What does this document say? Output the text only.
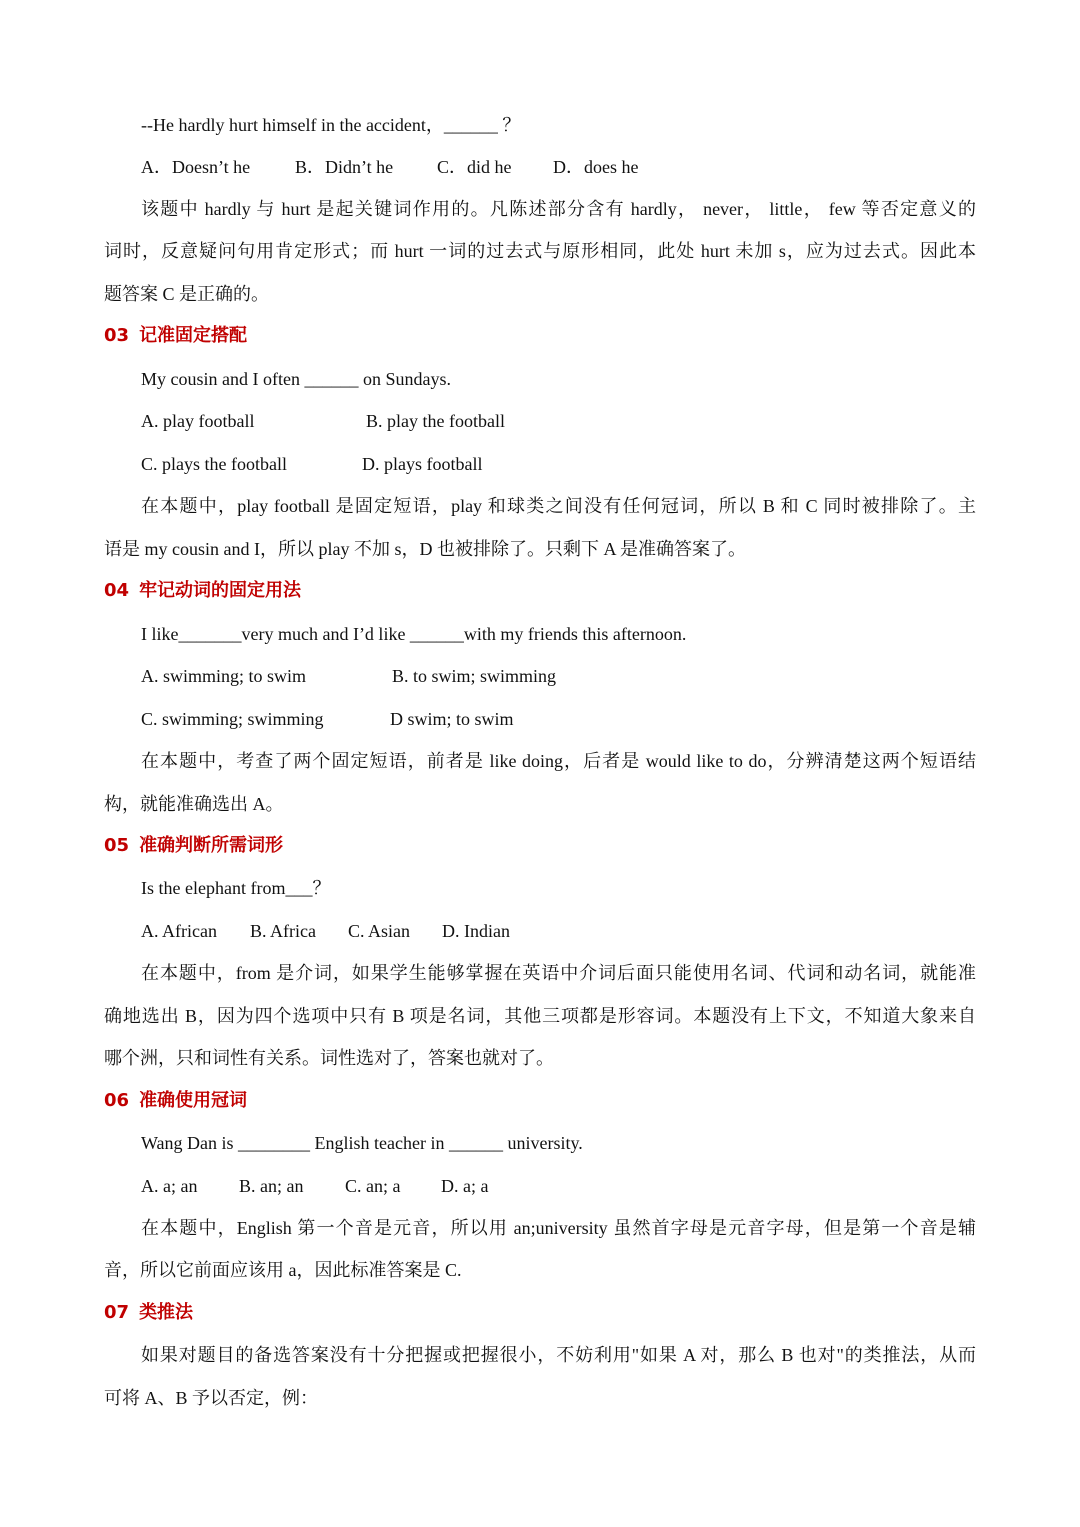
--He hardly hurt himself in the accident，______ ？
A．Doesn’t he B．Didn’t he C．did he D．does he
该题中 hardly 与 hurt 是起关键词作用的。凡陈述部分含有 hardly， never， little， few 等否定意义的
词时，反意疑问句用肯定形式；而 hurt 一词的过去式与原形相同，此处 hurt 未加 s，应为过去式。因此本
题答案 C 是正确的。
03 记准固定搭配
My cousin and I often ______ on Sundays.
A. play football	B. play the football
C. plays the football	D. plays football
在本题中，play football 是固定短语，play 和球类之间没有任何冠词，所以 B 和 C 同时被排除了。主
语是 my cousin and I，所以 play 不加 s，D 也被排除了。只剩下 A 是准确答案了。
04 牢记动词的固定用法
I like_______very much and I’d like ______with my friends this afternoon.
A. swimming; to swim	B. to swim; swimming
C. swimming; swimming	D swim; to swim
在本题中，考查了两个固定短语，前者是 like doing，后者是 would like to do，分辨清楚这两个短语结
构，就能准确选出 A。
05 准确判断所需词形
Is the elephant from___？
A. African B. Africa C. Asian D. Indian
在本题中，from 是介词，如果学生能够掌握在英语中介词后面只能使用名词、代词和动名词，就能准
确地选出 B，因为四个选项中只有 B 项是名词，其他三项都是形容词。本题没有上下文，不知道大象来自
哪个洲，只和词性有关系。词性选对了，答案也就对了。
06 准确使用冠词
Wang Dan is ________ English teacher in ______ university.
A. a; an B. an; an C. an; a D. a; a
在本题中，English 第一个音是元音，所以用 an;university 虽然首字母是元音字母，但是第一个音是辅
音，所以它前面应该用 a，因此标准答案是 C.
07 类推法
如果对题目的备选答案没有十分把握或把握很小，不妨利用"如果 A 对，那么 B 也对"的类推法，从而
可将 A、B 予以否定，例：
